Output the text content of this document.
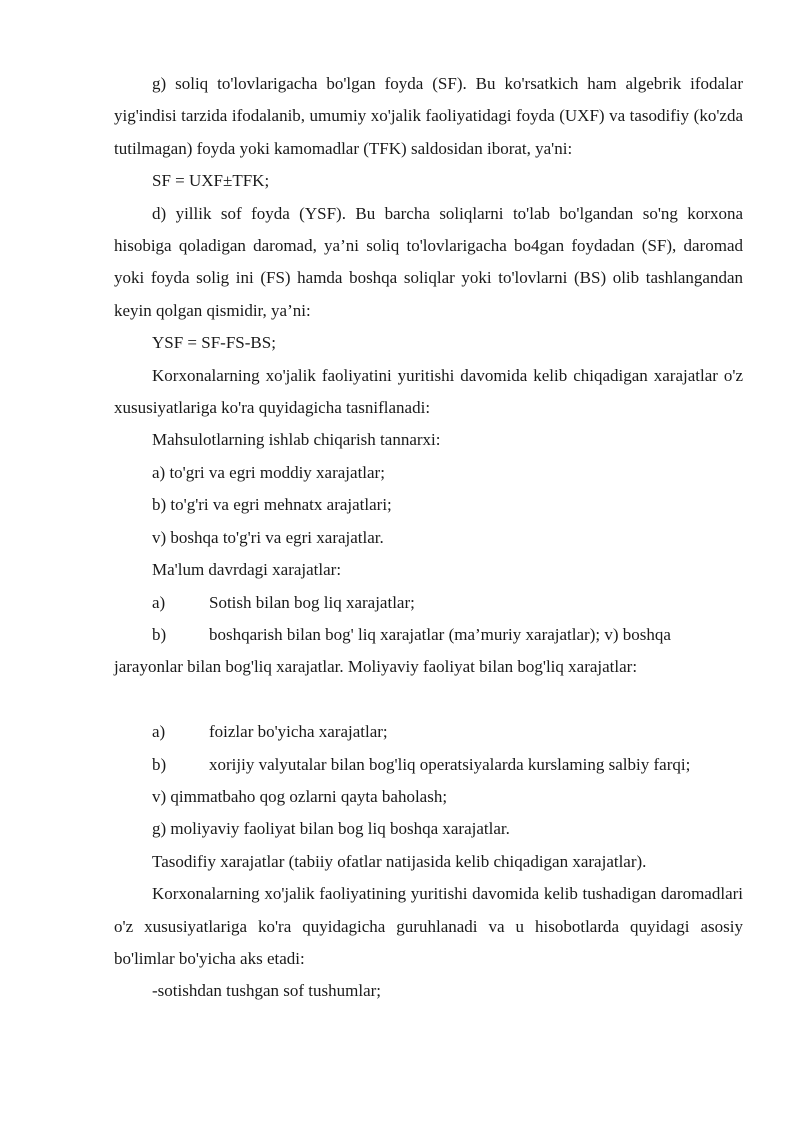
g) soliq to'lovlarigacha bo'lgan foyda (SF). Bu ko'rsatkich ham algebrik ifodalar yig'indisi tarzida ifodalanib, umumiy xo'jalik faoliyatidagi foyda (UXF) va tasodifiy (ko'zda tutilmagan) foyda yoki kamomadlar (TFK) saldosidan iborat, ya'ni:

SF = UXF±TFK;

d) yillik sof foyda (YSF). Bu barcha soliqlarni to'lab bo'lgandan so'ng korxona hisobiga qoladigan daromad, ya’ni soliq to'lovlarigacha bo4gan foydadan (SF), daromad yoki foyda solig ini (FS) hamda boshqa soliqlar yoki to'lovlarni (BS) olib tashlangandan keyin qolgan qismidir, ya’ni:

YSF = SF-FS-BS;

Korxonalarning xo'jalik faoliyatini yuritishi davomida kelib chiqadigan xarajatlar o'z xususiyatlariga ko'ra quyidagicha tasniflanadi:

Mahsulotlarning ishlab chiqarish tannarxi:

a) to'gri va egri moddiy xarajatlar;

b) to'g'ri va egri mehnatx arajatlari;

v) boshqa to'g'ri va egri xarajatlar.

Ma'lum davrdagi xarajatlar:

a)	Sotish bilan bog liq xarajatlar;
b)	boshqarish bilan bog' liq xarajatlar (ma’muriy xarajatlar); v) boshqa

jarayonlar bilan bog'liq xarajatlar. Moliyaviy faoliyat bilan bog'liq xarajatlar:

a)	foizlar bo'yicha xarajatlar;
b)	xorijiy valyutalar bilan bog'liq operatsiyalarda kurslaming salbiy farqi;

v) qimmatbaho qog ozlarni qayta baholash;

g) moliyaviy faoliyat bilan bog liq boshqa xarajatlar.

Tasodifiy xarajatlar (tabiiy ofatlar natijasida kelib chiqadigan xarajatlar).

Korxonalarning xo'jalik faoliyatining yuritishi davomida kelib tushadigan daromadlari o'z xususiyatlariga ko'ra quyidagicha guruhlanadi va u hisobotlarda quyidagi asosiy bo'limlar bo'yicha aks etadi:

-sotishdan tushgan sof tushumlar;
